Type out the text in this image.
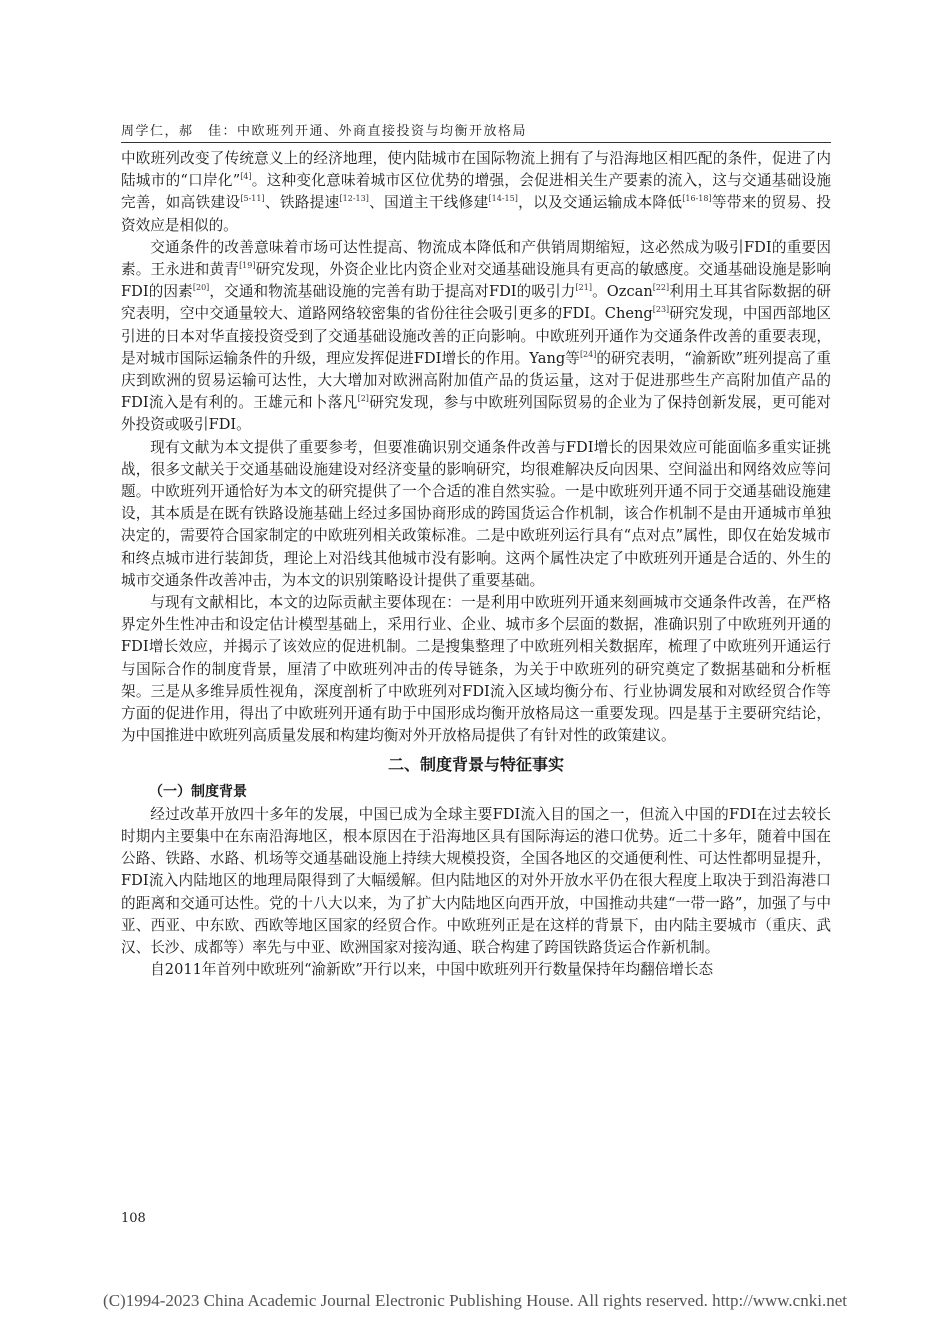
周学仁，郝　佳：中欧班列开通、外商直接投资与均衡开放格局

中欧班列改变了传统意义上的经济地理，使内陆城市在国际物流上拥有了与沿海地区相匹配的条件，促进了内陆城市的“口岸化”[4]。这种变化意味着城市区位优势的增强，会促进相关生产要素的流入，这与交通基础设施完善，如高铁建设[5-11]、铁路提速[12-13]、国道主干线修建[14-15]，以及交通运输成本降低[16-18]等带来的贸易、投资效应是相似的。

交通条件的改善意味着市场可达性提高、物流成本降低和产供销周期缩短，这必然成为吸引FDI的重要因素。王永进和黄青[19]研究发现，外资企业比内资企业对交通基础设施具有更高的敏感度。交通基础设施是影响FDI的因素[20]，交通和物流基础设施的完善有助于提高对FDI的吸引力[21]。Ozcan[22]利用土耳其省际数据的研究表明，空中交通量较大、道路网络较密集的省份往往会吸引更多的FDI。Cheng[23]研究发现，中国西部地区引进的日本对华直接投资受到了交通基础设施改善的正向影响。中欧班列开通作为交通条件改善的重要表现，是对城市国际运输条件的升级，理应发挥促进FDI增长的作用。Yang等[24]的研究表明，“渝新欧”班列提高了重庆到欧洲的贸易运输可达性，大大增加对欧洲高附加值产品的货运量，这对于促进那些生产高附加值产品的FDI流入是有利的。王雄元和卜落凡[2]研究发现，参与中欧班列国际贸易的企业为了保持创新发展，更可能对外投资或吸引FDI。

现有文献为本文提供了重要参考，但要准确识别交通条件改善与FDI增长的因果效应可能面临多重实证挑战，很多文献关于交通基础设施建设对经济变量的影响研究，均很难解决反向因果、空间溢出和网络效应等问题。中欧班列开通恰好为本文的研究提供了一个合适的准自然实验。一是中欧班列开通不同于交通基础设施建设，其本质是在既有铁路设施基础上经过多国协商形成的跨国货运合作机制，该合作机制不是由开通城市单独决定的，需要符合国家制定的中欧班列相关政策标准。二是中欧班列运行具有“点对点”属性，即仅在始发城市和终点城市进行装卸货，理论上对沿线其他城市没有影响。这两个属性决定了中欧班列开通是合适的、外生的城市交通条件改善冲击，为本文的识别策略设计提供了重要基础。

与现有文献相比，本文的边际贡献主要体现在：一是利用中欧班列开通来刻画城市交通条件改善，在严格界定外生性冲击和设定估计模型基础上，采用行业、企业、城市多个层面的数据，准确识别了中欧班列开通的FDI增长效应，并揭示了该效应的促进机制。二是搜集整理了中欧班列相关数据库，梳理了中欧班列开通运行与国际合作的制度背景，厘清了中欧班列冲击的传导链条，为关于中欧班列的研究奠定了数据基础和分析框架。三是从多维异质性视角，深度剖析了中欧班列对FDI流入区域均衡分布、行业协调发展和对欧经贸合作等方面的促进作用，得出了中欧班列开通有助于中国形成均衡开放格局这一重要发现。四是基于主要研究结论，为中国推进中欧班列高质量发展和构建均衡对外开放格局提供了有针对性的政策建议。

二、制度背景与特征事实
（一）制度背景

经过改革开放四十多年的发展，中国已成为全球主要FDI流入目的国之一，但流入中国的FDI在过去较长时期内主要集中在东南沿海地区，根本原因在于沿海地区具有国际海运的港口优势。近二十多年，随着中国在公路、铁路、水路、机场等交通基础设施上持续大规模投资，全国各地区的交通便利性、可达性都明显提升，FDI流入内陆地区的地理局限得到了大幅缓解。但内陆地区的对外开放水平仍在很大程度上取决于到沿海港口的距离和交通可达性。党的十八大以来，为了扩大内陆地区向西开放，中国推动共建“一带一路”，加强了与中亚、西亚、中东欧、西欧等地区国家的经贸合作。中欧班列正是在这样的背景下，由内陆主要城市（重庆、武汉、长沙、成都等）率先与中亚、欧洲国家对接沟通、联合构建了跨国铁路货运合作新机制。

自2011年首列中欧班列“渝新欧”开行以来，中国中欧班列开行数量保持年均翻倍增长态

108
(C)1994-2023 China Academic Journal Electronic Publishing House. All rights reserved. http://www.cnki.net
